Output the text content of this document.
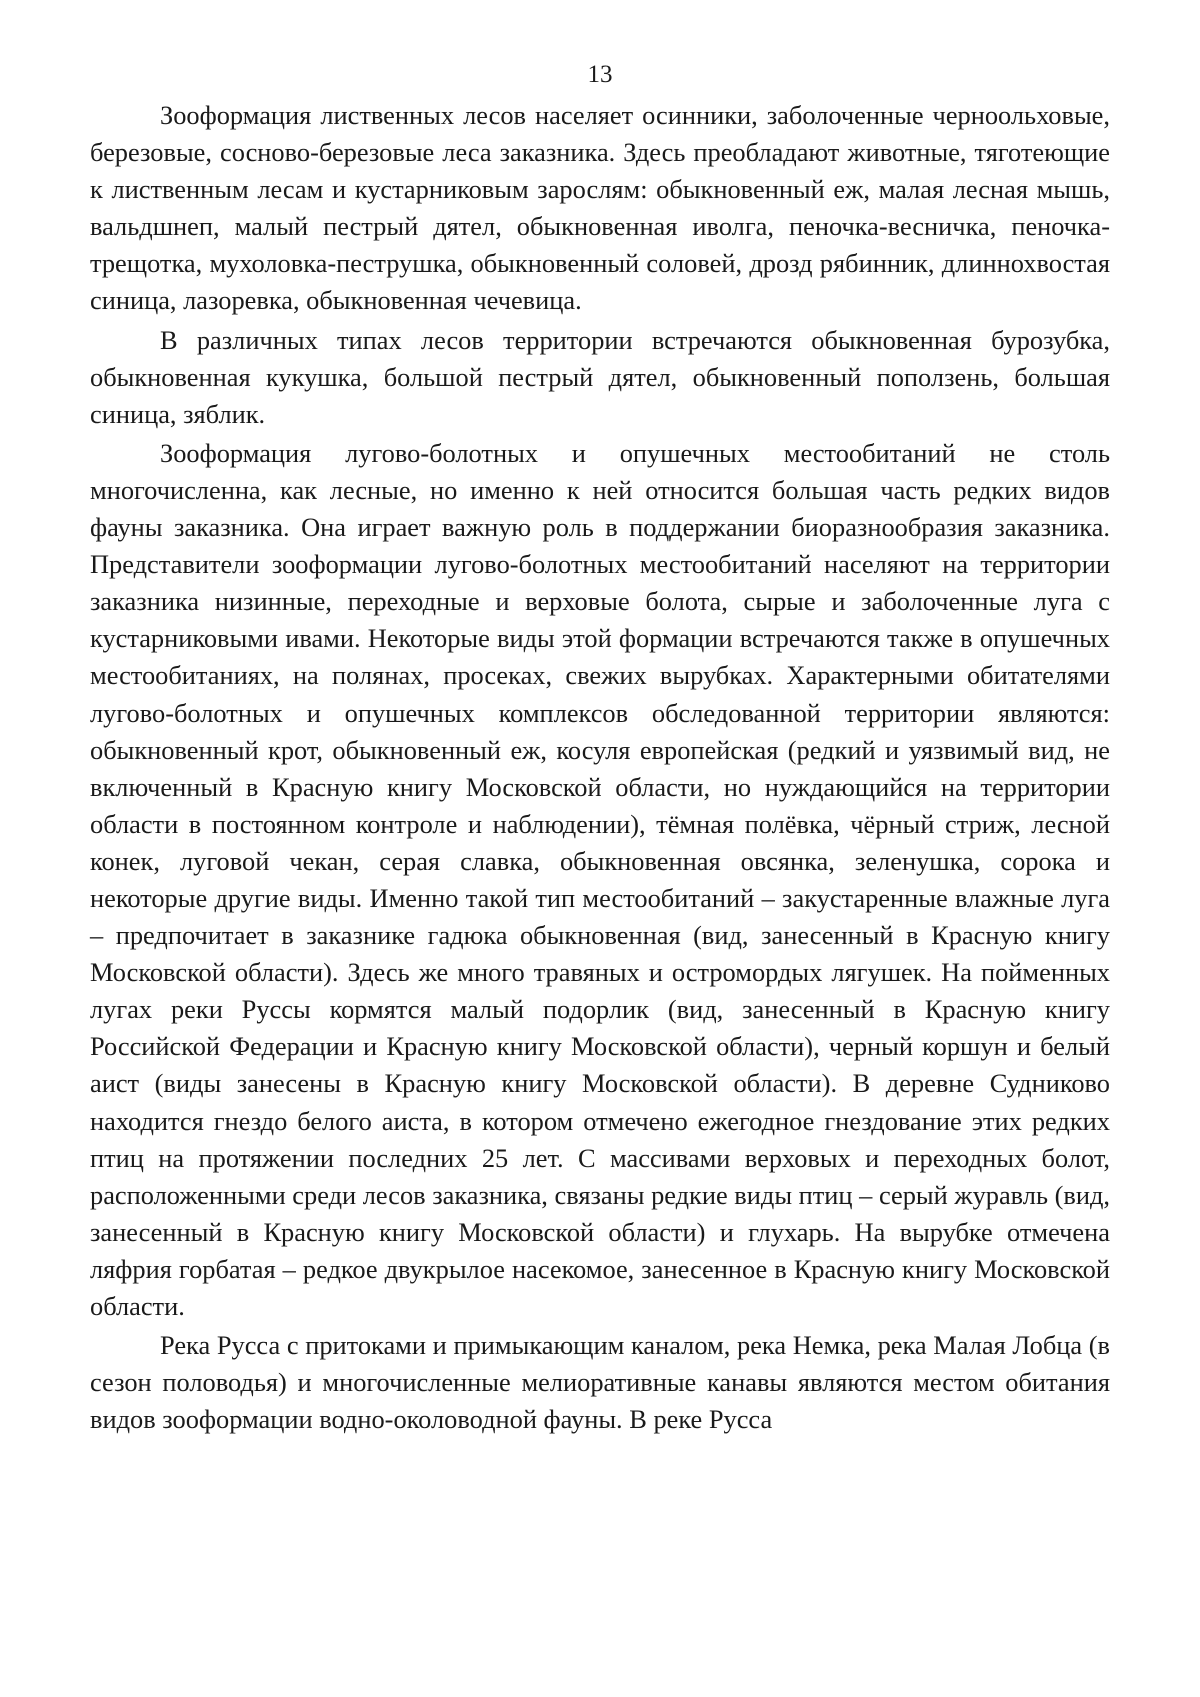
13

Зооформация лиственных лесов населяет осинники, заболоченные черноольховые, березовые, сосново-березовые леса заказника. Здесь преобладают животные, тяготеющие к лиственным лесам и кустарниковым зарослям: обыкновенный еж, малая лесная мышь, вальдшнеп, малый пестрый дятел, обыкновенная иволга, пеночка-весничка, пеночка-трещотка, мухоловка-пеструшка, обыкновенный соловей, дрозд рябинник, длиннохвостая синица, лазоревка, обыкновенная чечевица.

В различных типах лесов территории встречаются обыкновенная бурозубка, обыкновенная кукушка, большой пестрый дятел, обыкновенный поползень, большая синица, зяблик.

Зооформация лугово-болотных и опушечных местообитаний не столь многочисленна, как лесные, но именно к ней относится большая часть редких видов фауны заказника. Она играет важную роль в поддержании биоразнообразия заказника. Представители зооформации лугово-болотных местообитаний населяют на территории заказника низинные, переходные и верховые болота, сырые и заболоченные луга с кустарниковыми ивами. Некоторые виды этой формации встречаются также в опушечных местообитаниях, на полянах, просеках, свежих вырубках. Характерными обитателями лугово-болотных и опушечных комплексов обследованной территории являются: обыкновенный крот, обыкновенный еж, косуля европейская (редкий и уязвимый вид, не включенный в Красную книгу Московской области, но нуждающийся на территории области в постоянном контроле и наблюдении), тёмная полёвка, чёрный стриж, лесной конек, луговой чекан, серая славка, обыкновенная овсянка, зеленушка, сорока и некоторые другие виды. Именно такой тип местообитаний – закустаренные влажные луга – предпочитает в заказнике гадюка обыкновенная (вид, занесенный в Красную книгу Московской области). Здесь же много травяных и остромордых лягушек. На пойменных лугах реки Руссы кормятся малый подорлик (вид, занесенный в Красную книгу Российской Федерации и Красную книгу Московской области), черный коршун и белый аист (виды занесены в Красную книгу Московской области). В деревне Судниково находится гнездо белого аиста, в котором отмечено ежегодное гнездование этих редких птиц на протяжении последних 25 лет. С массивами верховых и переходных болот, расположенными среди лесов заказника, связаны редкие виды птиц – серый журавль (вид, занесенный в Красную книгу Московской области) и глухарь. На вырубке отмечена ляфрия горбатая – редкое двукрылое насекомое, занесенное в Красную книгу Московской области.

Река Русса с притоками и примыкающим каналом, река Немка, река Малая Лобца (в сезон половодья) и многочисленные мелиоративные канавы являются местом обитания видов зооформации водно-околоводной фауны. В реке Русса
